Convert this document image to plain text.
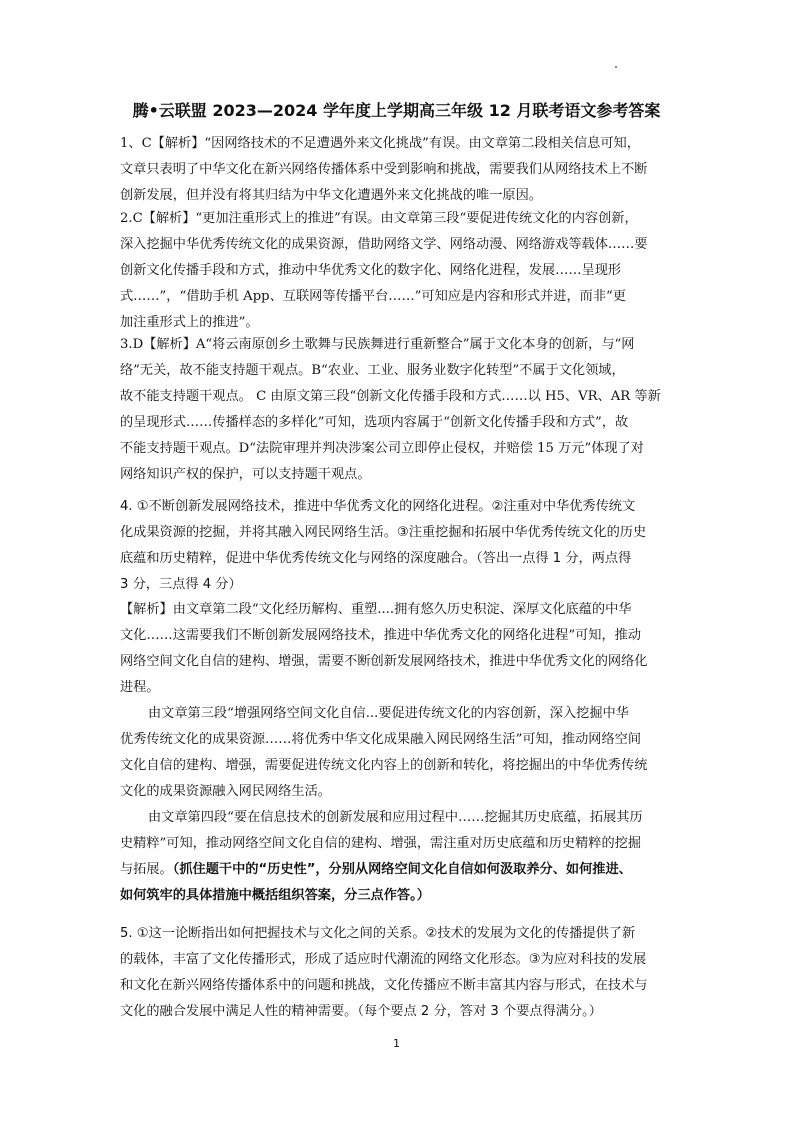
腾•云联盟 2023—2024 学年度上学期高三年级 12 月联考语文参考答案
1、C【解析】“因网络技术的不足遭遇外来文化挑战”有误。由文章第二段相关信息可知，
文章只表明了中华文化在新兴网络传播体系中受到影响和挑战，需要我们从网络技术上不断
创新发展，但并没有将其归结为中华文化遭遇外来文化挑战的唯一原因。
2.C【解析】“更加注重形式上的推进”有误。由文章第三段“要促进传统文化的内容创新，
深入挖掘中华优秀传统文化的成果资源，借助网络文学、网络动漫、网络游戏等载体……要
创新文化传播手段和方式，推动中华优秀文化的数字化、网络化进程，发展……呈现形
式……”，“借助手机 App、互联网等传播平台……”可知应是内容和形式并进，而非“更
加注重形式上的推进”。
3.D【解析】A“将云南原创乡土歌舞与民族舞进行重新整合”属于文化本身的创新，与“网
络”无关，故不能支持题干观点。B“农业、工业、服务业数字化转型”不属于文化领域，
故不能支持题干观点。 C 由原文第三段“创新文化传播手段和方式……以 H5、VR、AR 等新
的呈现形式……传播样态的多样化”可知，选项内容属于“创新文化传播手段和方式”，故
不能支持题干观点。D“法院审理并判决涉案公司立即停止侵权，并赔偿 15 万元”体现了对
网络知识产权的保护，可以支持题干观点。
4. ①不断创新发展网络技术，推进中华优秀文化的网络化进程。②注重对中华优秀传统文
化成果资源的挖掘，并将其融入网民网络生活。③注重挖掘和拓展中华优秀传统文化的历史
底蕴和历史精粹，促进中华优秀传统文化与网络的深度融合。（答出一点得 1 分，两点得
3 分，三点得 4 分）
【解析】由文章第二段“文化经历解构、重塑....拥有悠久历史积淀、深厚文化底蕴的中华
文化……这需要我们不断创新发展网络技术，推进中华优秀文化的网络化进程”可知，推动
网络空间文化自信的建构、增强，需要不断创新发展网络技术，推进中华优秀文化的网络化
进程。
由文章第三段“增强网络空间文化自信...要促进传统文化的内容创新，深入挖掘中华
优秀传统文化的成果资源……将优秀中华文化成果融入网民网络生活”可知，推动网络空间
文化自信的建构、增强，需要促进传统文化内容上的创新和转化，将挖掘出的中华优秀传统
文化的成果资源融入网民网络生活。
由文章第四段“要在信息技术的创新发展和应用过程中……挖掘其历史底蕴，拓展其历
史精粹”可知，推动网络空间文化自信的建构、增强，需注重对历史底蕴和历史精粹的挖掘
与拓展。（抓住题干中的“历史性”，分别从网络空间文化自信如何汲取养分、如何推进、
如何筑牢的具体措施中概括组织答案，分三点作答。）
5. ①这一论断指出如何把握技术与文化之间的关系。②技术的发展为文化的传播提供了新
的载体，丰富了文化传播形式，形成了适应时代潮流的网络文化形态。③为应对科技的发展
和文化在新兴网络传播体系中的问题和挑战，文化传播应不断丰富其内容与形式，在技术与
文化的融合发展中满足人性的精神需要。（每个要点 2 分，答对 3 个要点得满分。）
1
